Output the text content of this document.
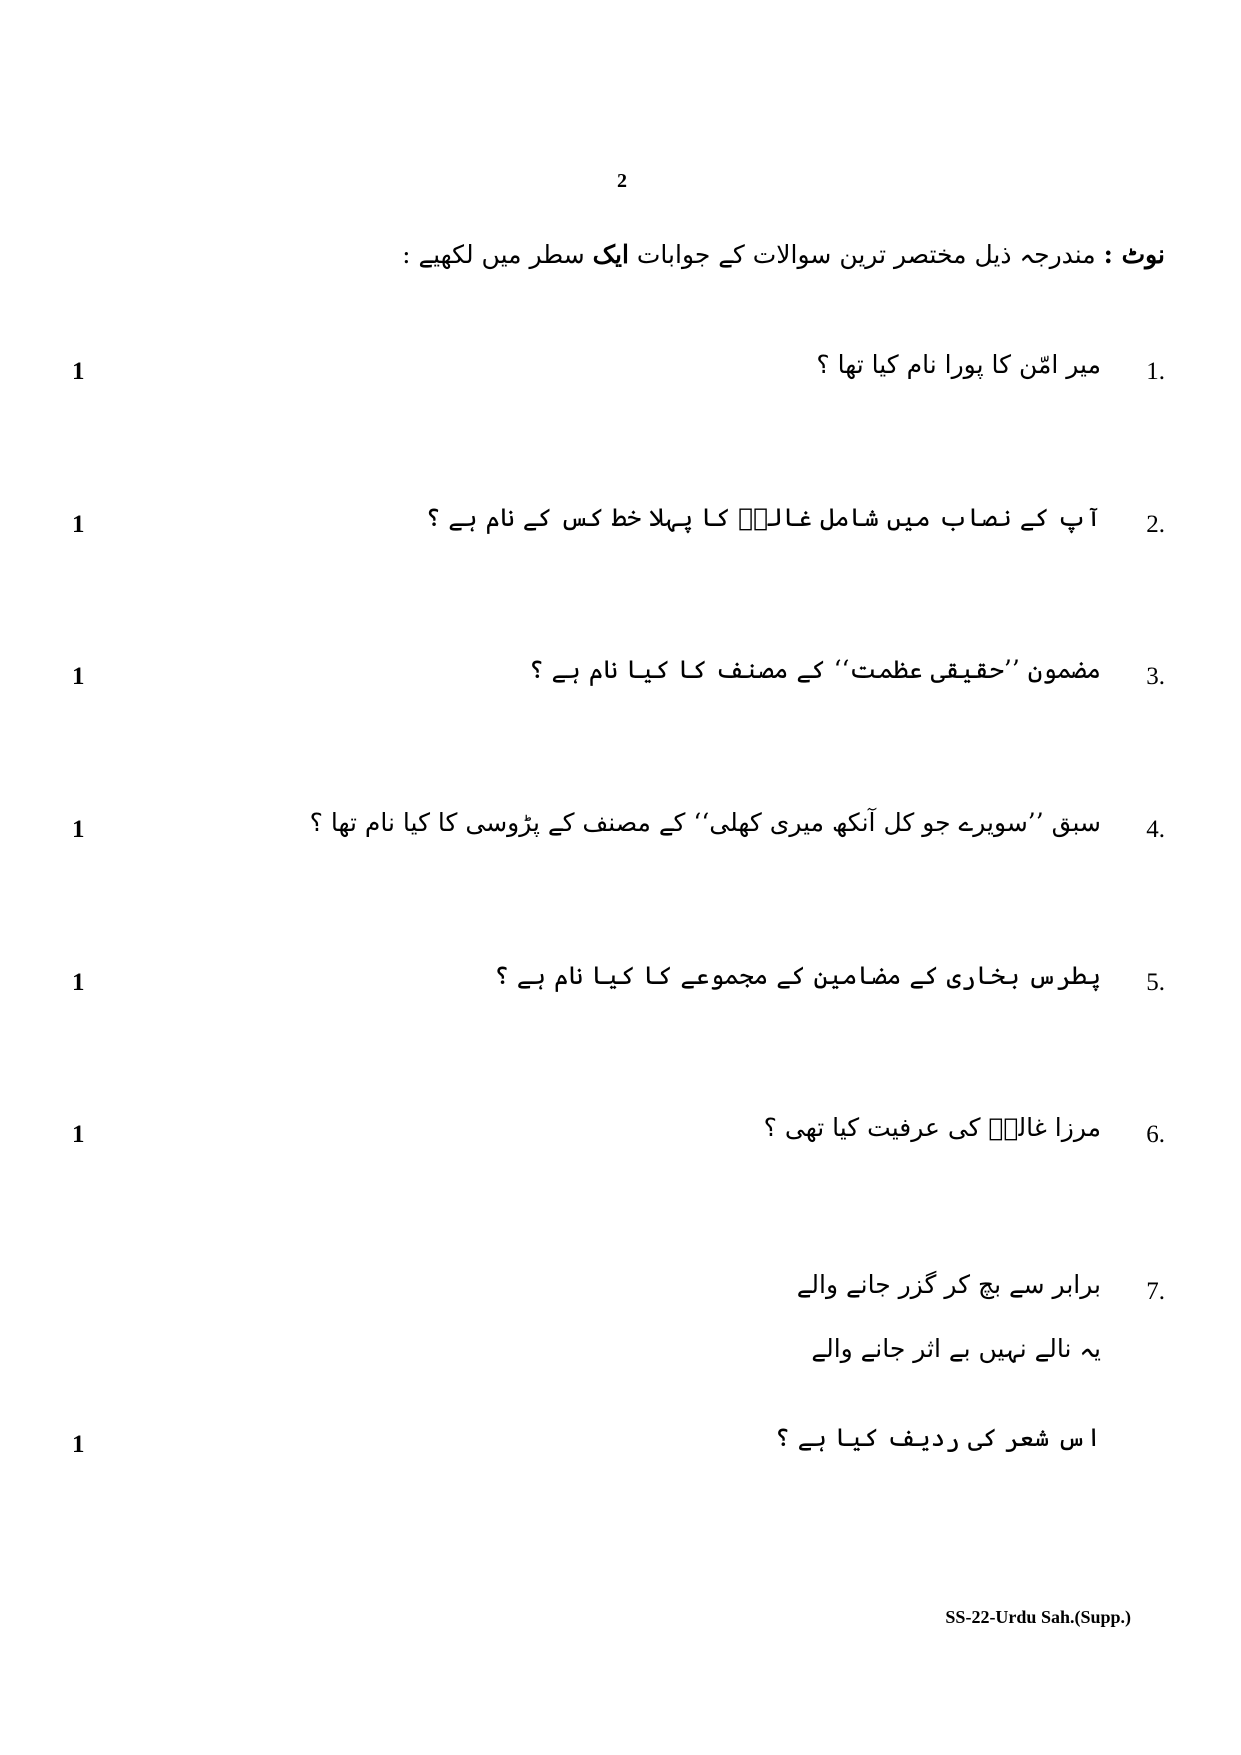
2
نوٹ : مندرجہ ذیل مختصر ترین سوالات کے جوابات ایک سطر میں لکھیے :
1.
میر امّن کا پورا نام کیا تھا ؟
1
2.
آپ کے نصاب میں شامل غالبؔ کا پہلا خط کس کے نام ہے ؟
1
3.
مضمون ’’حقیقی عظمت‘‘ کے مصنف کا کیا نام ہے ؟
1
4.
سبق ’’سویرے جو کل آنکھ میری کھلی‘‘ کے مصنف کے پڑوسی کا کیا نام تھا ؟
1
5.
پطرس بخاری کے مضامین کے مجموعے کا کیا نام ہے ؟
1
6.
مرزا غالبؔ کی عرفیت کیا تھی ؟
1
7.
برابر سے بچ کر گزر جانے والے
یہ نالے نہیں بے اثر جانے والے
اس شعر کی ردیف کیا ہے ؟
1
SS-22-Urdu Sah.(Supp.)
